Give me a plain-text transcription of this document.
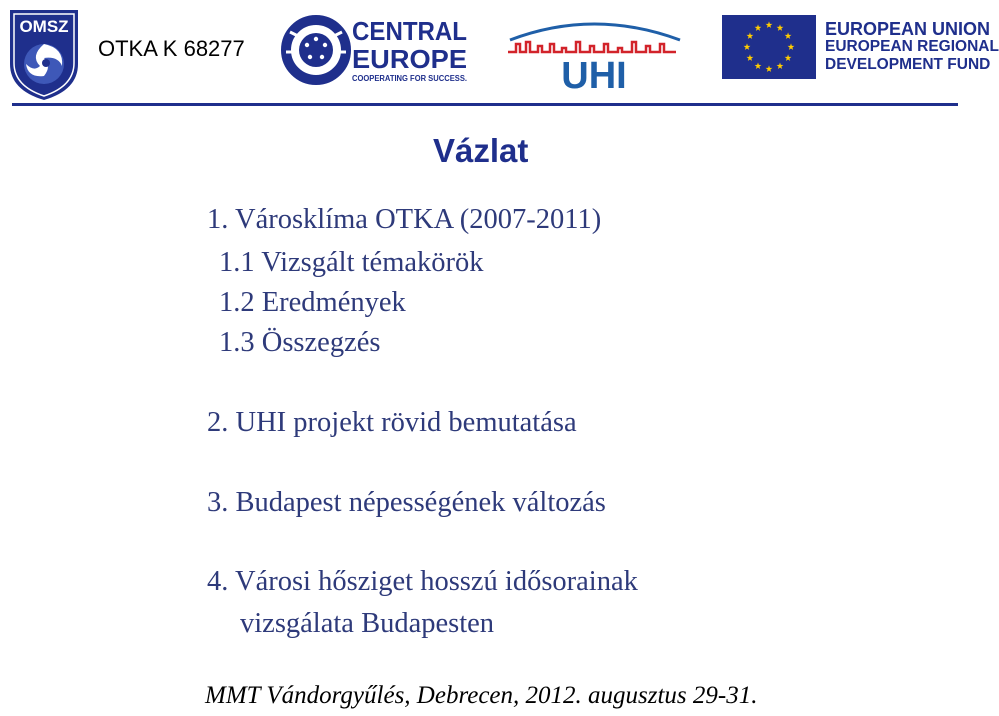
OMSZ
OTKA K 68277
CENTRAL
EUROPE
COOPERATING FOR SUCCESS. UHI
EUROPEAN UNION
EUROPEAN REGIONAL
DEVELOPMENT FUND
Vázlat
1. Városklíma OTKA (2007-2011)
1.1 Vizsgált témakörök
1.2 Eredmények
1.3 Összegzés
2. UHI projekt rövid bemutatása
3. Budapest népességének változás
4. Városi hősziget hosszú idősorainak
vizsgálata Budapesten
MMT Vándorgyűlés, Debrecen, 2012. augusztus 29-31.
